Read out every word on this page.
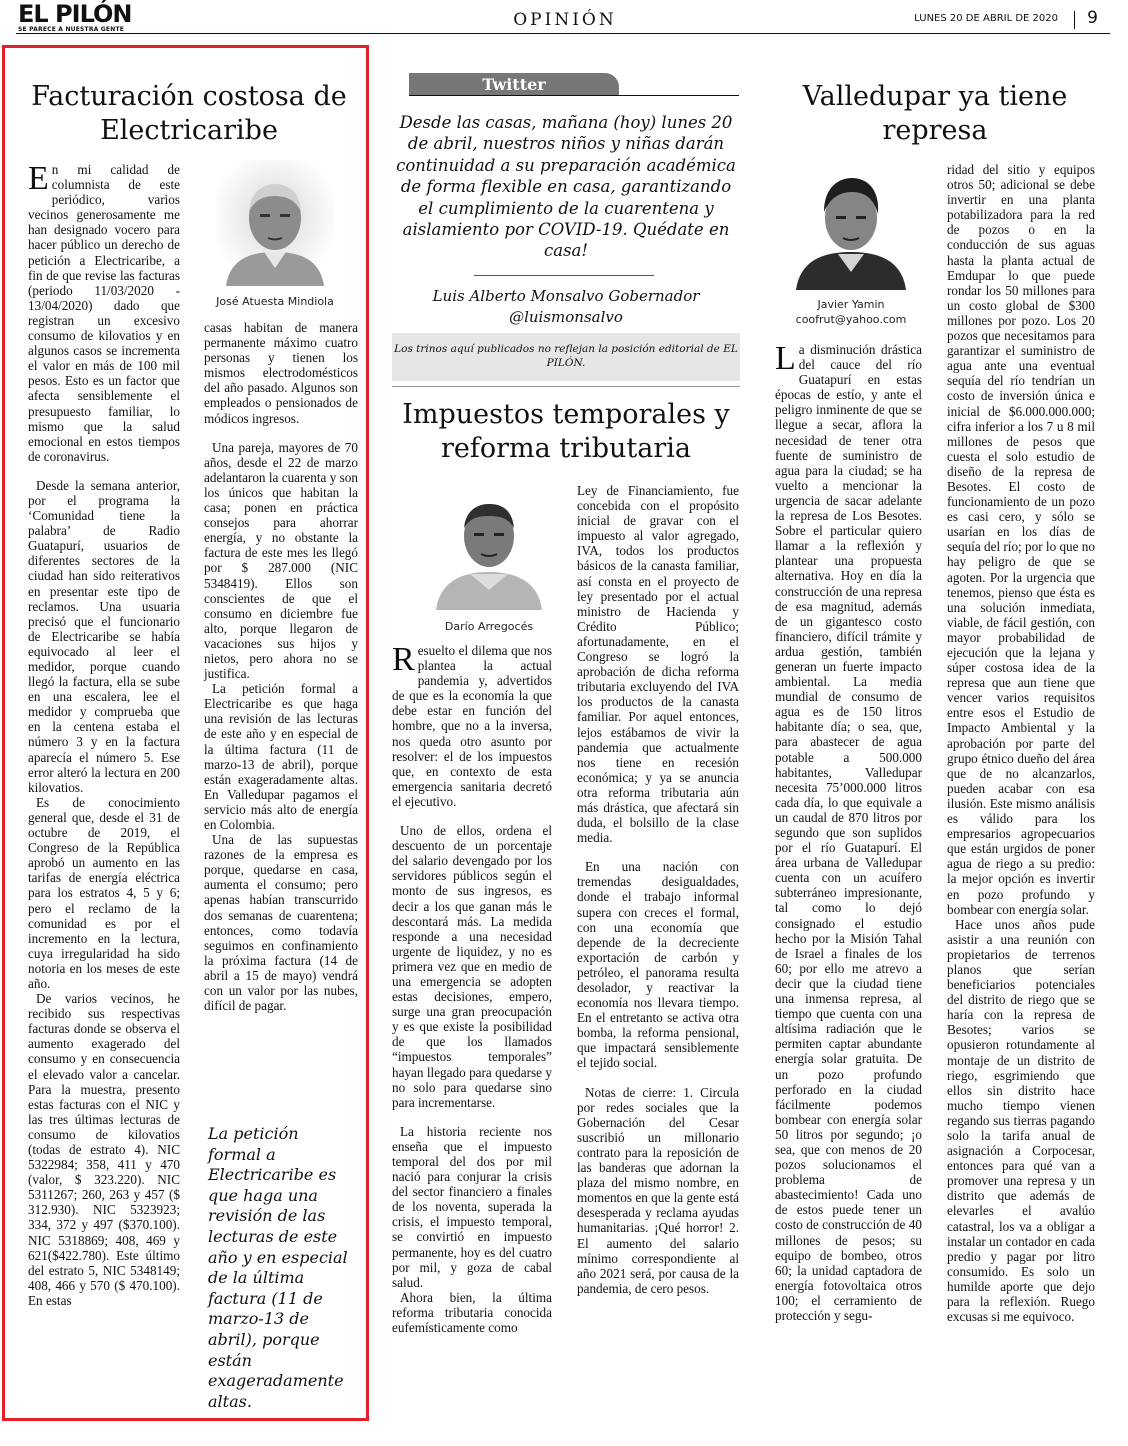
EL PILÓN
SE PARECE A NUESTRA GENTE	OPINIÓN	LUNES 20 DE ABRIL DE 2020 9
Facturación costosa de Electricaribe
José Atuesta Mindiola

En mi calidad de columnista de este periódico, varios vecinos generosamente me han designado vocero para hacer público un derecho de petición a Electricaribe, a fin de que revise las facturas (periodo 11/03/2020 - 13/04/2020) dado que registran un excesivo consumo de kilovatios y en algunos casos se incrementa el valor en más de 100 mil pesos. Esto es un factor que afecta sensiblemente el presupuesto familiar, lo mismo que la salud emocional en estos tiempos de coronavirus.

Desde la semana anterior, por el programa la ‘Comunidad tiene la palabra’ de Radio Guatapurí, usuarios de diferentes sectores de la ciudad han sido reiterativos en presentar este tipo de reclamos. Una usuaria precisó que el funcionario de Electricaribe se había equivocado al leer el medidor, porque cuando llegó la factura, ella se sube en una escalera, lee el medidor y comprueba que en la centena estaba el número 3 y en la factura aparecía el número 5. Ese error alteró la lectura en 200 kilovatios.

Es de conocimiento general que, desde el 31 de octubre de 2019, el Congreso de la República aprobó un aumento en las tarifas de energía eléctrica para los estratos 4, 5 y 6; pero el reclamo de la comunidad es por el incremento en la lectura, cuya irregularidad ha sido notoria en los meses de este año.

De varios vecinos, he recibido sus respectivas facturas donde se observa el aumento exagerado del consumo y en consecuencia el elevado valor a cancelar. Para la muestra, presento estas facturas con el NIC y las tres últimas lecturas de consumo de kilovatios (todas de estrato 4). NIC 5322984; 358, 411 y 470 (valor, $ 323.220). NIC 5311267; 260, 263 y 457 ($ 312.930). NIC 5323923; 334, 372 y 497 ($370.100). NIC 5318869; 408, 469 y 621($422.780). Este último del estrato 5, NIC 5348149; 408, 466 y 570 ($ 470.100). En estas

casas habitan de manera permanente máximo cuatro personas y tienen los mismos electrodomésticos del año pasado. Algunos son empleados o pensionados de módicos ingresos.

Una pareja, mayores de 70 años, desde el 22 de marzo adelantaron la cuarenta y son los únicos que habitan la casa; ponen en práctica consejos para ahorrar energía, y no obstante la factura de este mes les llegó por $ 287.000 (NIC 5348419). Ellos son conscientes de que el consumo en diciembre fue alto, porque llegaron de vacaciones sus hijos y nietos, pero ahora no se justifica.

La petición formal a Electricaribe es que haga una revisión de las lecturas de este año y en especial de la última factura (11 de marzo-13 de abril), porque están exageradamente altas. En Valledupar pagamos el servicio más alto de energía en Colombia.

Una de las supuestas razones de la empresa es porque, quedarse en casa, aumenta el consumo; pero apenas habían transcurrido dos semanas de cuarentena; entonces, como todavía seguimos en confinamiento la próxima factura (14 de abril a 15 de mayo) vendrá con un valor por las nubes, difícil de pagar.

La petición formal a Electricaribe es que haga una revisión de las lecturas de este año y en especial de la última factura (11 de marzo-13 de abril), porque están exageradamente altas.
Twitter
Desde las casas, mañana (hoy) lunes 20 de abril, nuestros niños y niñas darán continuidad a su preparación académica de forma flexible en casa, garantizando el cumplimiento de la cuarentena y aislamiento por COVID-19. Quédate en casa!
Luis Alberto Monsalvo Gobernador
@luismonsalvo
Los trinos aquí publicados no reflejan la posición editorial de EL PILÓN.
Impuestos temporales y reforma tributaria
Darío Arregocés

Resuelto el dilema que nos plantea la actual pandemia y, advertidos de que es la economía la que debe estar en función del hombre, que no a la inversa, nos queda otro asunto por resolver: el de los impuestos que, en contexto de esta emergencia sanitaria decretó el ejecutivo.

Uno de ellos, ordena el descuento de un porcentaje del salario devengado por los servidores públicos según el monto de sus ingresos, es decir a los que ganan más le descontará más. La medida responde a una necesidad urgente de liquidez, y no es primera vez que en medio de una emergencia se adopten estas decisiones, empero, surge una gran preocupación y es que existe la posibilidad de que los llamados “impuestos temporales” hayan llegado para quedarse y no solo para quedarse sino para incrementarse.

La historia reciente nos enseña que el impuesto temporal del dos por mil nació para conjurar la crisis del sector financiero a finales de los noventa, superada la crisis, el impuesto temporal, se convirtió en impuesto permanente, hoy es del cuatro por mil, y goza de cabal salud.

Ahora bien, la última reforma tributaria conocida eufemísticamente como

Ley de Financiamiento, fue concebida con el propósito inicial de gravar con el impuesto al valor agregado, IVA, todos los productos básicos de la canasta familiar, así consta en el proyecto de ley presentado por el actual ministro de Hacienda y Crédito Público; afortunadamente, en el Congreso se logró la aprobación de dicha reforma tributaria excluyendo del IVA los productos de la canasta familiar. Por aquel entonces, lejos estábamos de vivir la pandemia que actualmente nos tiene en recesión económica; y ya se anuncia otra reforma tributaria aún más drástica, que afectará sin duda, el bolsillo de la clase media.

En una nación con tremendas desigualdades, donde el trabajo informal supera con creces el formal, con una economía que depende de la decreciente exportación de carbón y petróleo, el panorama resulta desolador, y reactivar la economía nos llevara tiempo. En el entretanto se activa otra bomba, la reforma pensional, que impactará sensiblemente el tejido social.

Notas de cierre: 1. Circula por redes sociales que la Gobernación del Cesar suscribió un millonario contrato para la reposición de las banderas que adornan la plaza del mismo nombre, en momentos en que la gente está desesperada y reclama ayudas humanitarias. ¡Qué horror! 2. El aumento del salario mínimo correspondiente al año 2021 será, por causa de la pandemia, de cero pesos.

Valledupar ya tiene represa
Javier Yamin
coofrut@yahoo.com

La disminución drástica del cauce del río Guatapurí en estas épocas de estío, y ante el peligro inminente de que se llegue a secar, aflora la necesidad de tener otra fuente de suministro de agua para la ciudad; se ha vuelto a mencionar la urgencia de sacar adelante la represa de Los Besotes. Sobre el particular quiero llamar a la reflexión y plantear una propuesta alternativa. Hoy en día la construcción de una represa de esa magnitud, además de un gigantesco costo financiero, difícil trámite y ardua gestión, también generan un fuerte impacto ambiental. La media mundial de consumo de agua es de 150 litros habitante día; o sea, que, para abastecer de agua potable a 500.000 habitantes, Valledupar necesita 75’000.000 litros cada día, lo que equivale a un caudal de 870 litros por segundo que son suplidos por el río Guatapurí. El área urbana de Valledupar cuenta con un acuífero subterráneo impresionante, tal como lo dejó consignado el estudio hecho por la Misión Tahal de Israel a finales de los 60; por ello me atrevo a decir que la ciudad tiene una inmensa represa, al tiempo que cuenta con una altísima radiación que le permiten captar abundante energía solar gratuita. De un pozo profundo perforado en la ciudad fácilmente podemos bombear con energía solar 50 litros por segundo; ¡o sea, que con menos de 20 pozos solucionamos el problema de abastecimiento! Cada uno de estos puede tener un costo de construcción de 40 millones de pesos; su equipo de bombeo, otros 60; la unidad captadora de energía fotovoltaica otros 100; el cerramiento de protección y segu-

ridad del sitio y equipos otros 50; adicional se debe invertir en una planta potabilizadora para la red de pozos o en la conducción de sus aguas hasta la planta actual de Emdupar lo que puede rondar los 50 millones para un costo global de $300 millones por pozo. Los 20 pozos que necesitamos para garantizar el suministro de agua ante una eventual sequía del río tendrían un costo de inversión única e inicial de $6.000.000.000; cifra inferior a los 7 u 8 mil millones de pesos que cuesta el solo estudio de diseño de la represa de Besotes. El costo de funcionamiento de un pozo es casi cero, y sólo se usarían en los días de sequía del río; por lo que no hay peligro de que se agoten. Por la urgencia que tenemos, pienso que ésta es una solución inmediata, viable, de fácil gestión, con mayor probabilidad de ejecución que la lejana y súper costosa idea de la represa que aun tiene que vencer varios requisitos entre esos el Estudio de Impacto Ambiental y la aprobación por parte del grupo étnico dueño del área que de no alcanzarlos, pueden acabar con esa ilusión. Este mismo análisis es válido para los empresarios agropecuarios que están urgidos de poner agua de riego a su predio: la mejor opción es invertir en pozo profundo y bombear con energía solar.

Hace unos años pude asistir a una reunión con propietarios de terrenos planos que serían beneficiarios potenciales del distrito de riego que se haría con la represa de Besotes; varios se opusieron rotundamente al montaje de un distrito de riego, esgrimiendo que ellos sin distrito hace mucho tiempo vienen regando sus tierras pagando solo la tarifa anual de asignación a Corpocesar, entonces para qué van a promover una represa y un distrito que además de elevarles el avalúo catastral, los va a obligar a instalar un contador en cada predio y pagar por litro consumido. Es solo un humilde aporte que dejo para la reflexión. Ruego excusas si me equivoco.
